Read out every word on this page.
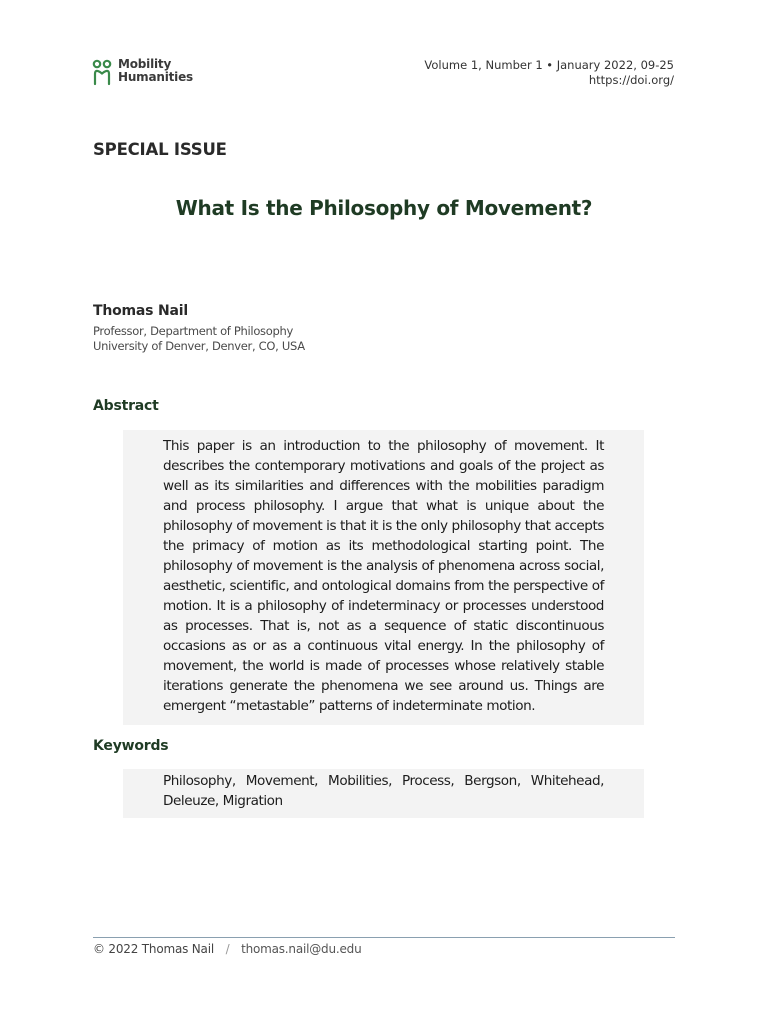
Mobility
Humanities
Volume 1, Number 1 • January 2022, 09-25
https://doi.org/
SPECIAL ISSUE
What Is the Philosophy of Movement?
Thomas Nail
Professor, Department of Philosophy
University of Denver, Denver, CO, USA
Abstract
This paper is an introduction to the philosophy of movement. It describes the contemporary motivations and goals of the project as well as its similarities and differences with the mobilities paradigm and process philosophy. I argue that what is unique about the philosophy of movement is that it is the only philosophy that accepts the primacy of motion as its methodological starting point. The philosophy of movement is the analysis of phenomena across social, aesthetic, scientific, and ontological domains from the perspective of motion. It is a philosophy of indeterminacy or processes understood as processes. That is, not as a sequence of static discontinuous occasions as or as a continuous vital energy. In the philosophy of movement, the world is made of processes whose relatively stable iterations generate the phenomena we see around us. Things are emergent “metastable” patterns of indeterminate motion.
Keywords
Philosophy, Movement, Mobilities, Process, Bergson, Whitehead, Deleuze, Migration
© 2022 Thomas Nail / thomas.nail@du.edu
